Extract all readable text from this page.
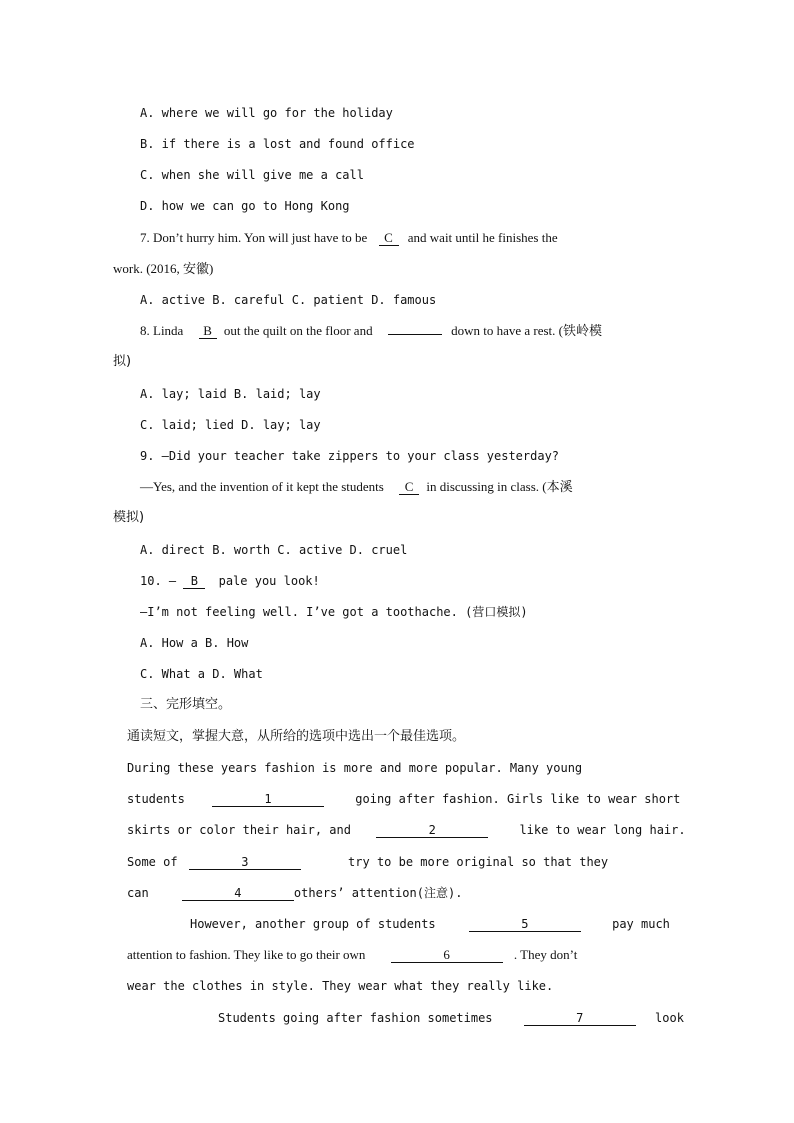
A. where we will go for the holiday
B. if there is a lost and found office
C. when she will give me a call
D. how we can go to Hong Kong
7. Don’t hurry him. Yon will just have to be C and wait until he finishes the
work. (2016, 安徽)
A. active B. careful C. patient D. famous
8. Linda B out the quilt on the floor and	down to have a rest. (铁岭模
拟)
A. lay; laid B. laid; lay
C. laid; lied D. lay; lay
9. —Did your teacher take zippers to your class yesterday?
—Yes, and the invention of it kept the students C in discussing in class. (本溪
模拟)
A. direct B. worth C. active D. cruel
10. — B pale you look!
—I’m not feeling well. I’ve got a toothache. (营口模拟)
A. How a B. How
C. What a D. What
三、完形填空。
通读短文，掌握大意，从所给的选项中选出一个最佳选项。
During these years fashion is more and more popular. Many young
students	1	going after fashion. Girls like to wear short
skirts or color their hair, and	2	like to wear long hair.
Some of	3	try to be more original so that they
can	4	others’ attention(注意).
However, another group of students	5	pay much
attention to fashion. They like to go their own	6	. They don’t
wear the clothes in style. They wear what they really like.
Students going after fashion sometimes	7	look
